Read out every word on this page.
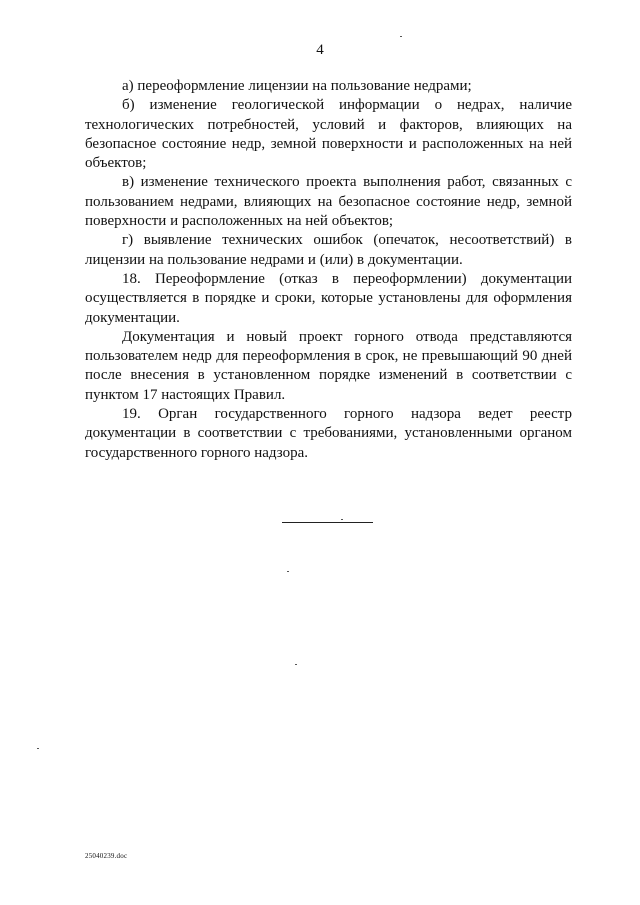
4

а) переоформление лицензии на пользование недрами;

б) изменение геологической информации о недрах, наличие технологических потребностей, условий и факторов, влияющих на безопасное состояние недр, земной поверхности и расположенных на ней объектов;

в) изменение технического проекта выполнения работ, связанных с пользованием недрами, влияющих на безопасное состояние недр, земной поверхности и расположенных на ней объектов;

г) выявление технических ошибок (опечаток, несоответствий) в лицензии на пользование недрами и (или) в документации.

18. Переоформление (отказ в переоформлении) документации осуществляется в порядке и сроки, которые установлены для оформления документации.

Документация и новый проект горного отвода представляются пользователем недр для переоформления в срок, не превышающий 90 дней после внесения в установленном порядке изменений в соответствии с пунктом 17 настоящих Правил.

19. Орган государственного горного надзора ведет реестр документации в соответствии с требованиями, установленными органом государственного горного надзора.

25040239.doc
